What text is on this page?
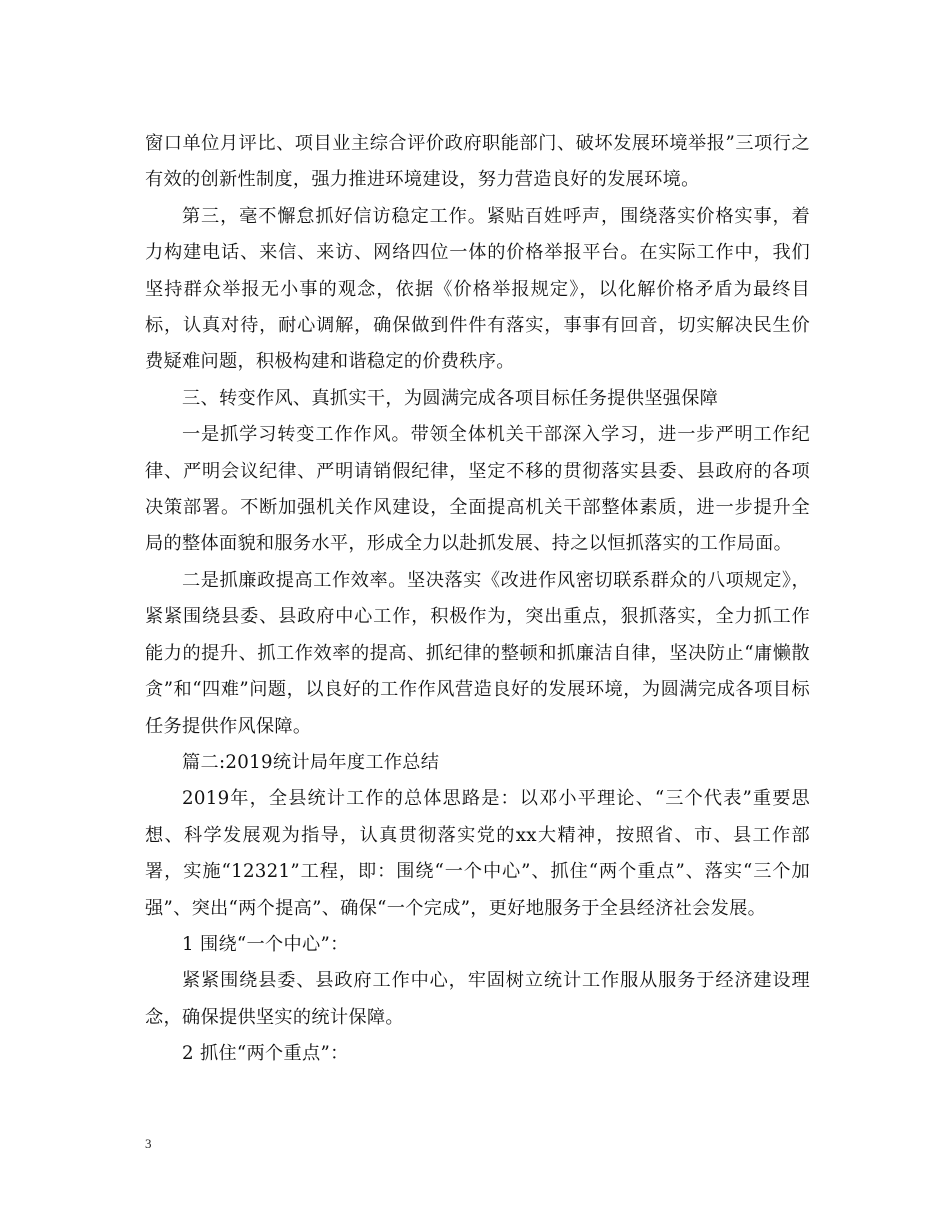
窗口单位月评比、项目业主综合评价政府职能部门、破坏发展环境举报”三项行之有效的创新性制度，强力推进环境建设，努力营造良好的发展环境。

第三，毫不懈怠抓好信访稳定工作。紧贴百姓呼声，围绕落实价格实事，着力构建电话、来信、来访、网络四位一体的价格举报平台。在实际工作中，我们坚持群众举报无小事的观念，依据《价格举报规定》，以化解价格矛盾为最终目标，认真对待，耐心调解，确保做到件件有落实，事事有回音，切实解决民生价费疑难问题，积极构建和谐稳定的价费秩序。

三、转变作风、真抓实干，为圆满完成各项目标任务提供坚强保障

一是抓学习转变工作作风。带领全体机关干部深入学习，进一步严明工作纪律、严明会议纪律、严明请销假纪律，坚定不移的贯彻落实县委、县政府的各项决策部署。不断加强机关作风建设，全面提高机关干部整体素质，进一步提升全局的整体面貌和服务水平，形成全力以赴抓发展、持之以恒抓落实的工作局面。

二是抓廉政提高工作效率。坚决落实《改进作风密切联系群众的八项规定》，紧紧围绕县委、县政府中心工作，积极作为，突出重点，狠抓落实，全力抓工作能力的提升、抓工作效率的提高、抓纪律的整顿和抓廉洁自律，坚决防止“庸懒散贪”和“四难”问题，以良好的工作作风营造良好的发展环境，为圆满完成各项目标任务提供作风保障。

篇二:2019统计局年度工作总结

2019年，全县统计工作的总体思路是：以邓小平理论、“三个代表”重要思想、科学发展观为指导，认真贯彻落实党的xx大精神，按照省、市、县工作部署，实施“12321”工程，即：围绕“一个中心”、抓住“两个重点”、落实“三个加强”、突出“两个提高”、确保“一个完成”，更好地服务于全县经济社会发展。

1 围绕“一个中心”：

紧紧围绕县委、县政府工作中心，牢固树立统计工作服从服务于经济建设理念，确保提供坚实的统计保障。

2 抓住“两个重点”：

3
